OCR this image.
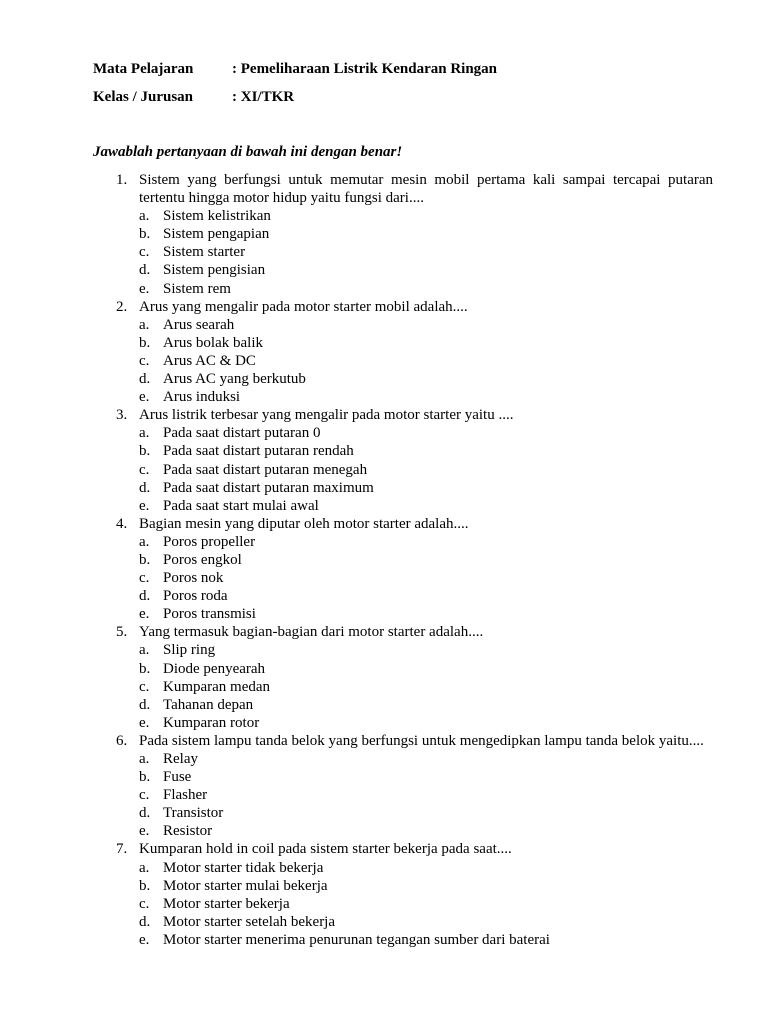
Mata Pelajaran	: Pemeliharaan Listrik Kendaran Ringan
Kelas / Jurusan	: XI/TKR
Jawablah pertanyaan di bawah ini dengan benar!
1. Sistem yang berfungsi untuk memutar mesin mobil pertama kali sampai tercapai putaran tertentu hingga motor hidup yaitu fungsi dari....
a. Sistem kelistrikan
b. Sistem pengapian
c. Sistem starter
d. Sistem pengisian
e. Sistem rem
2. Arus yang mengalir pada motor starter mobil adalah....
a. Arus searah
b. Arus bolak balik
c. Arus AC & DC
d. Arus AC yang berkutub
e. Arus induksi
3. Arus listrik terbesar yang mengalir pada motor starter yaitu ....
a. Pada saat distart putaran 0
b. Pada saat distart putaran rendah
c. Pada saat distart putaran menegah
d. Pada saat distart putaran maximum
e. Pada saat start mulai awal
4. Bagian mesin yang diputar oleh motor starter adalah....
a. Poros propeller
b. Poros engkol
c. Poros nok
d. Poros roda
e. Poros transmisi
5. Yang termasuk bagian-bagian dari motor starter adalah....
a. Slip ring
b. Diode penyearah
c. Kumparan medan
d. Tahanan depan
e. Kumparan rotor
6. Pada sistem lampu tanda belok yang berfungsi untuk mengedipkan lampu tanda belok yaitu....
a. Relay
b. Fuse
c. Flasher
d. Transistor
e. Resistor
7. Kumparan hold in coil pada sistem starter bekerja pada saat....
a. Motor starter tidak bekerja
b. Motor starter mulai bekerja
c. Motor starter bekerja
d. Motor starter setelah bekerja
e. Motor starter menerima penurunan tegangan sumber dari baterai
